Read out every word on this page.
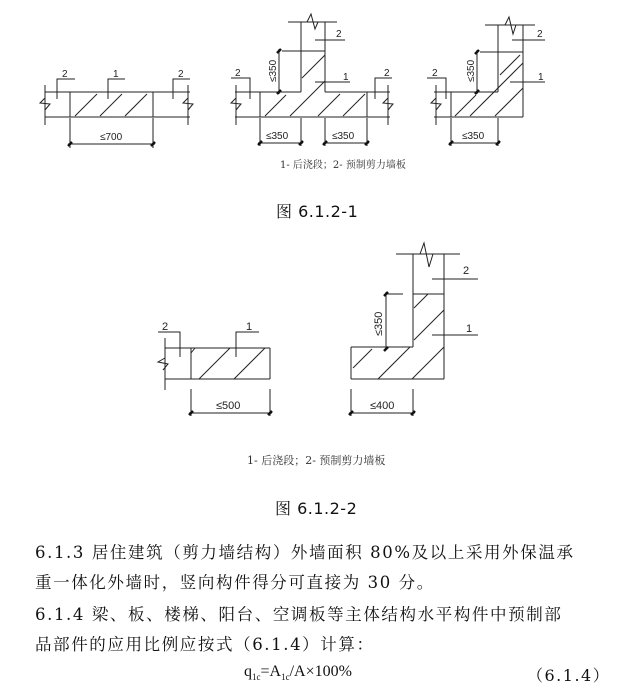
2	1	2
≤700
2
2	1	2
≤350	≤350
≤350
2
2	1
≤350
≤350
2	1
≤500
2
1
≤350
≤400
1- 后浇段；2- 预制剪力墙板
图 6.1.2-1
1- 后浇段；2- 预制剪力墙板
图 6.1.2-2
6.1.3 居住建筑（剪力墙结构）外墙面积 80%及以上采用外保温承
重一体化外墙时，竖向构件得分可直接为 30 分。
6.1.4 梁、板、楼梯、阳台、空调板等主体结构水平构件中预制部
品部件的应用比例应按式（6.1.4）计算：
$q_{1c}=A_{1c}/A\times 100\%$	（6.1.4）
